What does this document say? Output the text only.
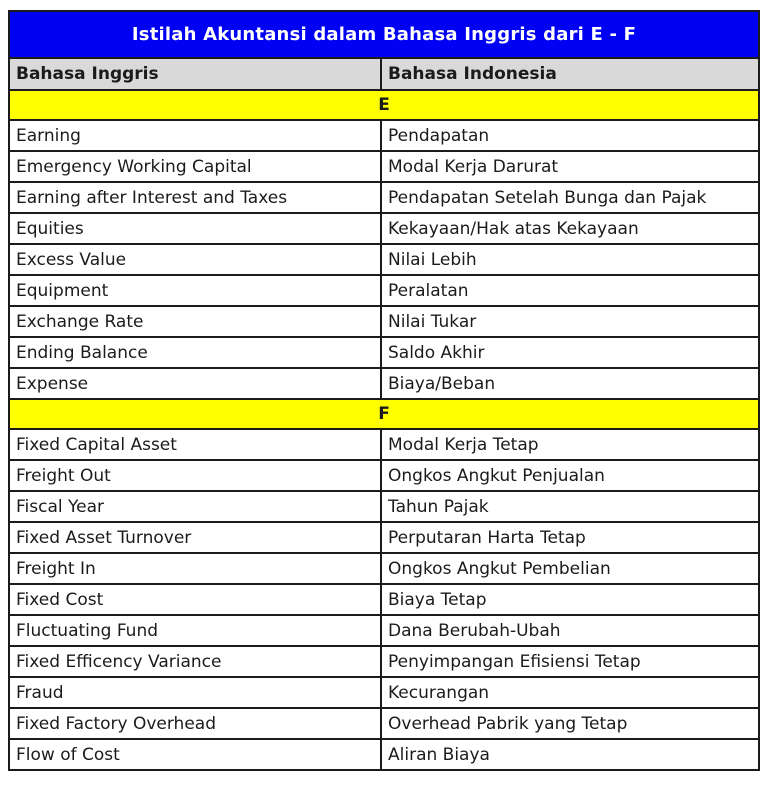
Istilah Akuntansi dalam Bahasa Inggris dari E - F	
Bahasa Inggris	Bahasa Indonesia
E	
Earning	Pendapatan
Emergency Working Capital	Modal Kerja Darurat
Earning after Interest and Taxes	Pendapatan Setelah Bunga dan Pajak
Equities	Kekayaan/Hak atas Kekayaan
Excess Value	Nilai Lebih
Equipment	Peralatan
Exchange Rate	Nilai Tukar
Ending Balance	Saldo Akhir
Expense	Biaya/Beban
F	
Fixed Capital Asset	Modal Kerja Tetap
Freight Out	Ongkos Angkut Penjualan
Fiscal Year	Tahun Pajak
Fixed Asset Turnover	Perputaran Harta Tetap
Freight In	Ongkos Angkut Pembelian
Fixed Cost	Biaya Tetap
Fluctuating Fund	Dana Berubah-Ubah
Fixed Efficency Variance	Penyimpangan Efisiensi Tetap
Fraud	Kecurangan
Fixed Factory Overhead	Overhead Pabrik yang Tetap
Flow of Cost	Aliran Biaya
